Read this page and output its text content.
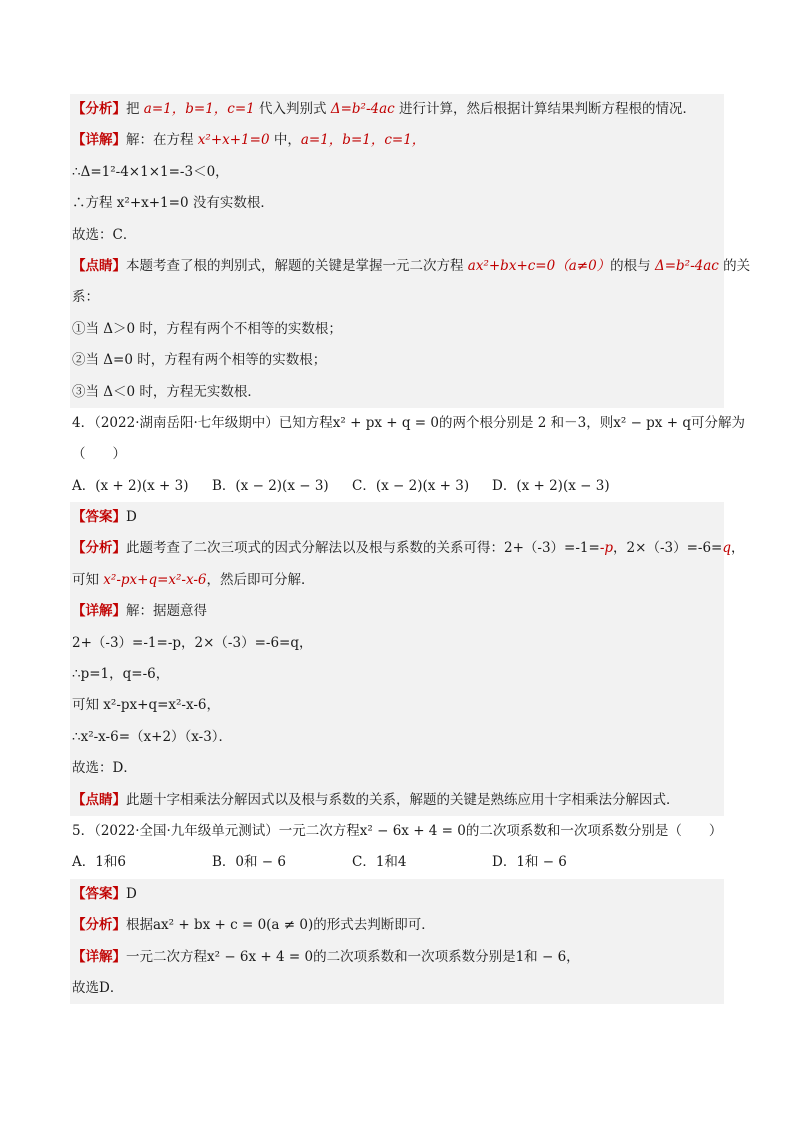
【分析】把 a=1，b=1，c=1 代入判别式 Δ=b²-4ac 进行计算，然后根据计算结果判断方程根的情况．
【详解】解：在方程 x²+x+1=0 中，a=1，b=1，c=1，
∴Δ=1²-4×1×1=-3＜0，
∴方程 x²+x+1=0 没有实数根．
故选：C．
【点睛】本题考查了根的判别式，解题的关键是掌握一元二次方程 ax²+bx+c=0（a≠0）的根与 Δ=b²-4ac 的关
系：
①当 Δ＞0 时，方程有两个不相等的实数根；
②当 Δ=0 时，方程有两个相等的实数根；
③当 Δ＜0 时，方程无实数根．
4．（2022·湖南岳阳·七年级期中）已知方程x² + px + q = 0的两个根分别是 2 和－3，则x² − px + q可分解为
（　　）
A．(x + 2)(x + 3)	B．(x − 2)(x − 3)	C．(x − 2)(x + 3)	D．(x + 2)(x − 3)
【答案】D
【分析】此题考查了二次三项式的因式分解法以及根与系数的关系可得：2+（-3）=-1=-p，2×（-3）=-6=q，
可知 x²-px+q=x²-x-6，然后即可分解．
【详解】解：据题意得
2+（-3）=-1=-p，2×（-3）=-6=q，
∴p=1，q=-6，
可知 x²-px+q=x²-x-6，
∴x²-x-6=（x+2）（x-3）．
故选：D．
【点睛】此题十字相乘法分解因式以及根与系数的关系，解题的关键是熟练应用十字相乘法分解因式．
5．（2022·全国·九年级单元测试）一元二次方程x² − 6x + 4 = 0的二次项系数和一次项系数分别是（　　）
A．1和6	B．0和 − 6	C．1和4	D．1和 − 6
【答案】D
【分析】根据ax² + bx + c = 0(a ≠ 0)的形式去判断即可．
【详解】一元二次方程x² − 6x + 4 = 0的二次项系数和一次项系数分别是1和 − 6，
故选D．
